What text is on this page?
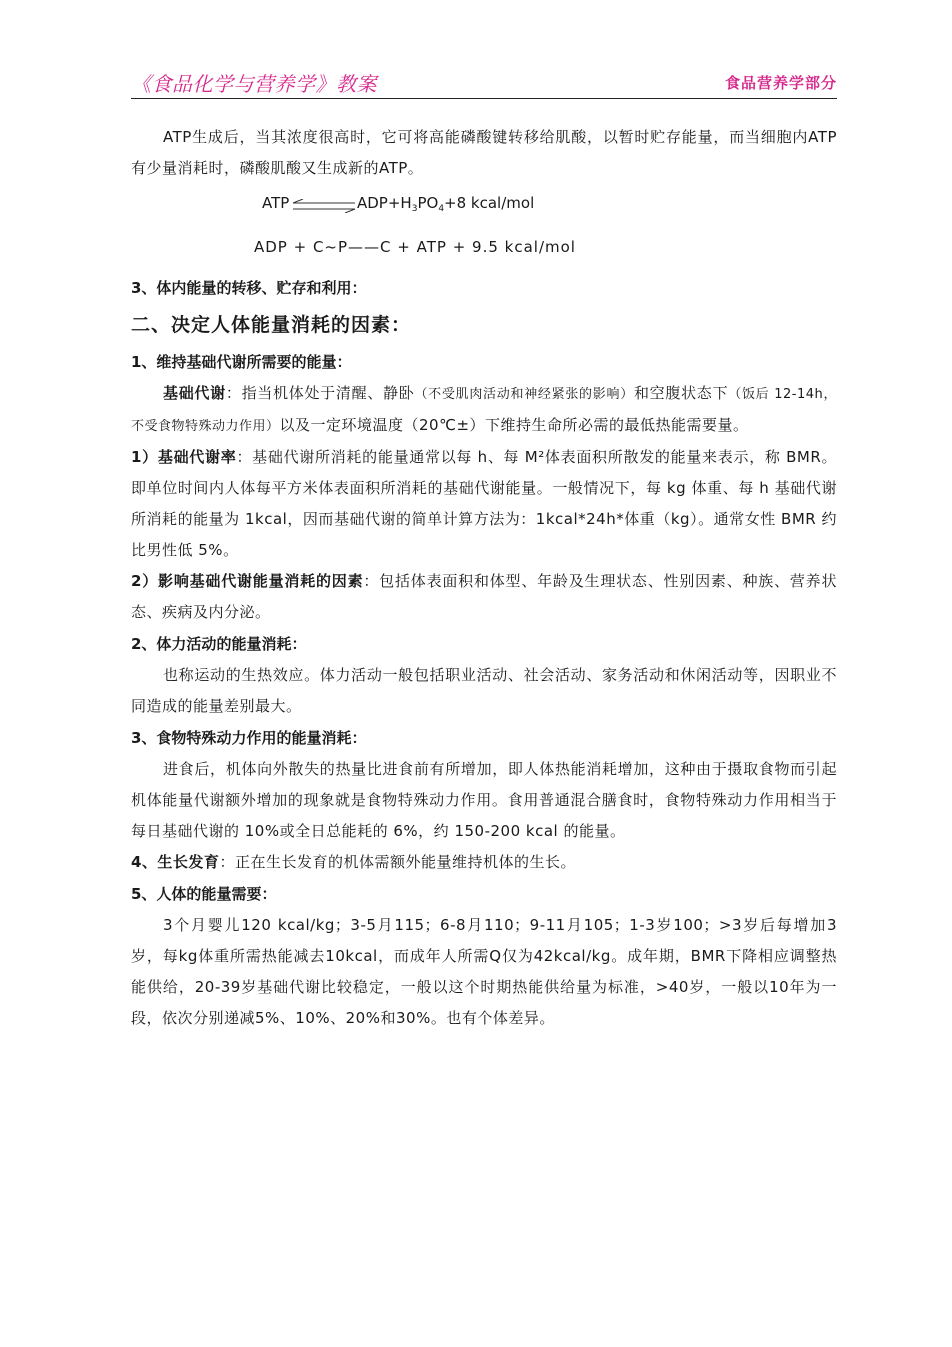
《食品化学与营养学》教案	食品营养学部分

ATP生成后，当其浓度很高时，它可将高能磷酸键转移给肌酸，以暂时贮存能量，而当细胞内ATP有少量消耗时，磷酸肌酸又生成新的ATP。

ATP	$ADP+H_3PO_4+8$ kcal/mol
ADP + C~P——C + ATP + 9.5 kcal/mol

3、体内能量的转移、贮存和利用：

二、决定人体能量消耗的因素：

1、维持基础代谢所需要的能量：

基础代谢：指当机体处于清醒、静卧（不受肌肉活动和神经紧张的影响）和空腹状态下（饭后 12-14h，不受食物特殊动力作用）以及一定环境温度（20℃±）下维持生命所必需的最低热能需要量。

1）基础代谢率：基础代谢所消耗的能量通常以每 h、每 M²体表面积所散发的能量来表示，称 BMR。即单位时间内人体每平方米体表面积所消耗的基础代谢能量。一般情况下，每 kg 体重、每 h 基础代谢所消耗的能量为 1kcal，因而基础代谢的简单计算方法为：1kcal*24h*体重（kg）。通常女性 BMR 约比男性低 5%。

2）影响基础代谢能量消耗的因素：包括体表面积和体型、年龄及生理状态、性别因素、种族、营养状态、疾病及内分泌。

2、体力活动的能量消耗：

也称运动的生热效应。体力活动一般包括职业活动、社会活动、家务活动和休闲活动等，因职业不同造成的能量差别最大。

3、食物特殊动力作用的能量消耗：

进食后，机体向外散失的热量比进食前有所增加，即人体热能消耗增加，这种由于摄取食物而引起机体能量代谢额外增加的现象就是食物特殊动力作用。食用普通混合膳食时，食物特殊动力作用相当于每日基础代谢的 10%或全日总能耗的 6%，约 150-200 kcal 的能量。

4、生长发育：正在生长发育的机体需额外能量维持机体的生长。

5、人体的能量需要：

3个月婴儿120 kcal/kg；3-5月115；6-8月110；9-11月105；1-3岁100；>3岁后每增加3岁，每kg体重所需热能减去10kcal，而成年人所需Q仅为42kcal/kg。成年期，BMR下降相应调整热能供给，20-39岁基础代谢比较稳定，一般以这个时期热能供给量为标准，>40岁，一般以10年为一段，依次分别递减5%、10%、20%和30%。也有个体差异。
